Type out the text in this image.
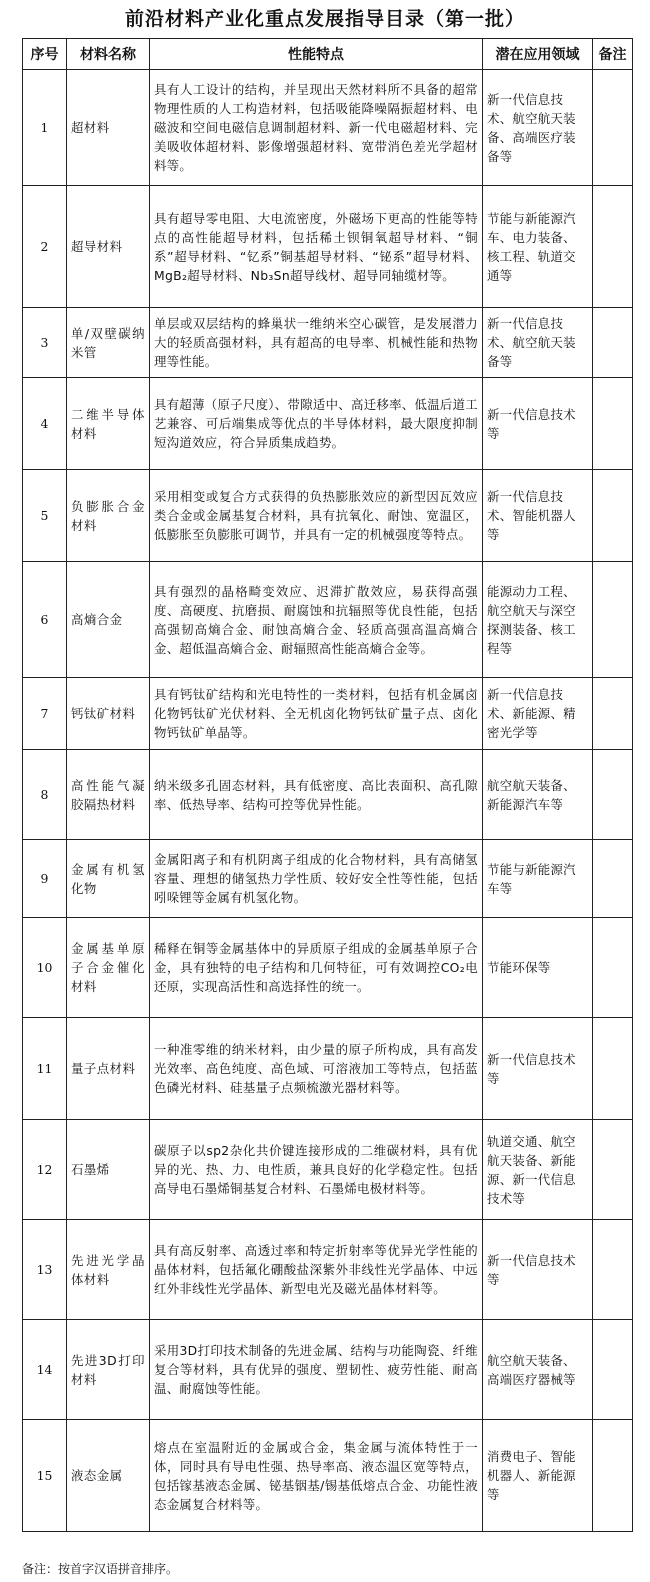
前沿材料产业化重点发展指导目录（第一批）
序号	材料名称	性能特点	潜在应用领域	备注
1	超材料	具有人工设计的结构，并呈现出天然材料所不具备的超常物理性质的人工构造材料，包括吸能降噪隔振超材料、电磁波和空间电磁信息调制超材料、新一代电磁超材料、完美吸收体超材料、影像增强超材料、宽带消色差光学超材料等。	新一代信息技术、航空航天装备、高端医疗装备等	
2	超导材料	具有超导零电阻、大电流密度，外磁场下更高的性能等特点的高性能超导材料，包括稀土钡铜氧超导材料、“铜系”超导材料、“钇系”铜基超导材料、“铋系”超导材料、MgB₂超导材料、Nb₃Sn超导线材、超导同轴缆材等。	节能与新能源汽车、电力装备、核工程、轨道交通等	
3	单/双壁碳纳米管	单层或双层结构的蜂巢状一维纳米空心碳管，是发展潜力大的轻质高强材料，具有超高的电导率、机械性能和热物理等性能。	新一代信息技术、航空航天装备等	
4	二维半导体材料	具有超薄（原子尺度）、带隙适中、高迁移率、低温后道工艺兼容、可后端集成等优点的半导体材料，最大限度抑制短沟道效应，符合异质集成趋势。	新一代信息技术等	
5	负膨胀合金材料	采用相变或复合方式获得的负热膨胀效应的新型因瓦效应类合金或金属基复合材料，具有抗氧化、耐蚀、宽温区，低膨胀至负膨胀可调节，并具有一定的机械强度等特点。	新一代信息技术、智能机器人等	
6	高熵合金	具有强烈的晶格畸变效应、迟滞扩散效应，易获得高强度、高硬度、抗磨损、耐腐蚀和抗辐照等优良性能，包括高强韧高熵合金、耐蚀高熵合金、轻质高强高温高熵合金、超低温高熵合金、耐辐照高性能高熵合金等。	能源动力工程、航空航天与深空探测装备、核工程等	
7	钙钛矿材料	具有钙钛矿结构和光电特性的一类材料，包括有机金属卤化物钙钛矿光伏材料、全无机卤化物钙钛矿量子点、卤化物钙钛矿单晶等。	新一代信息技术、新能源、精密光学等	
8	高性能气凝胶隔热材料	纳米级多孔固态材料，具有低密度、高比表面积、高孔隙率、低热导率、结构可控等优异性能。	航空航天装备、新能源汽车等	
9	金属有机氢化物	金属阳离子和有机阴离子组成的化合物材料，具有高储氢容量、理想的储氢热力学性质、较好安全性等性能，包括吲哚锂等金属有机氢化物。	节能与新能源汽车等	
10	金属基单原子合金催化材料	稀释在铜等金属基体中的异质原子组成的金属基单原子合金，具有独特的电子结构和几何特征，可有效调控CO₂电还原，实现高活性和高选择性的统一。	节能环保等	
11	量子点材料	一种准零维的纳米材料，由少量的原子所构成，具有高发光效率、高色纯度、高色域、可溶液加工等特点，包括蓝色磷光材料、硅基量子点频梳激光器材料等。	新一代信息技术等	
12	石墨烯	碳原子以sp2杂化共价键连接形成的二维碳材料，具有优异的光、热、力、电性质，兼具良好的化学稳定性。包括高导电石墨烯铜基复合材料、石墨烯电极材料等。	轨道交通、航空航天装备、新能源、新一代信息技术等	
13	先进光学晶体材料	具有高反射率、高透过率和特定折射率等优异光学性能的晶体材料，包括氟化硼酸盐深紫外非线性光学晶体、中远红外非线性光学晶体、新型电光及磁光晶体材料等。	新一代信息技术等	
14	先进3D打印材料	采用3D打印技术制备的先进金属、结构与功能陶瓷、纤维复合等材料，具有优异的强度、塑韧性、疲劳性能、耐高温、耐腐蚀等性能。	航空航天装备、高端医疗器械等	
15	液态金属	熔点在室温附近的金属或合金，集金属与流体特性于一体，同时具有导电性强、热导率高、液态温区宽等特点，包括镓基液态金属、铋基铟基/锡基低熔点合金、功能性液态金属复合材料等。	消费电子、智能机器人、新能源等	
备注：按首字汉语拼音排序。
